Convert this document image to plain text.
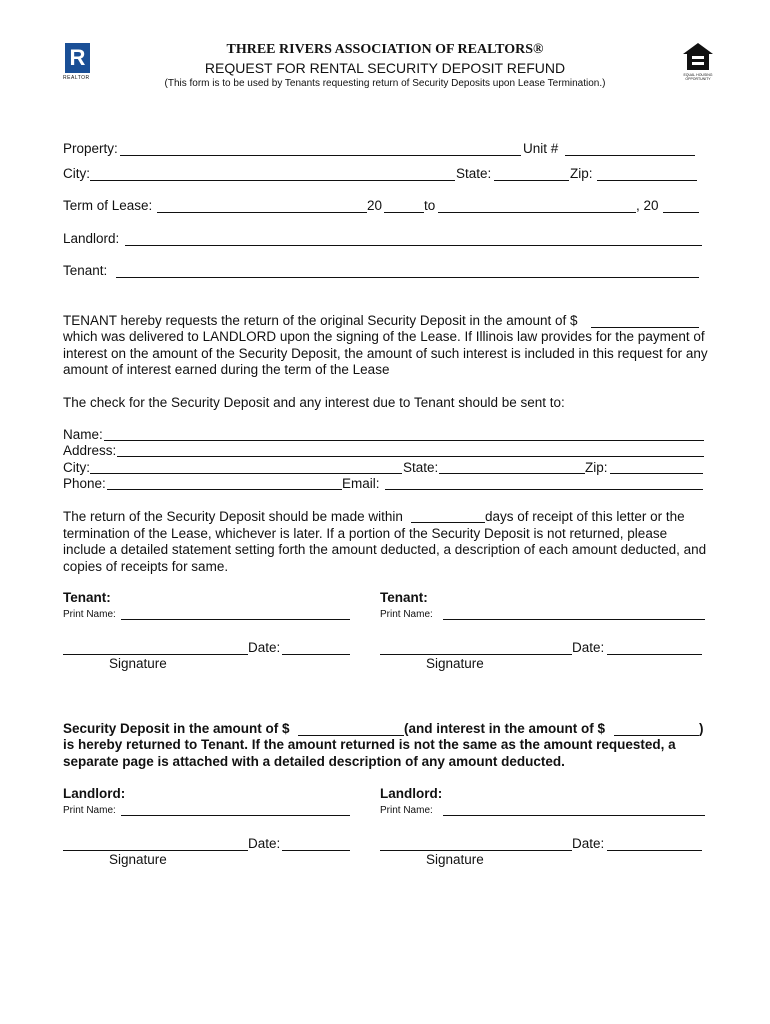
R
REALTOR	EQUAL HOUSING OPPORTUNITY
THREE RIVERS ASSOCIATION OF REALTORS®
REQUEST FOR RENTAL SECURITY DEPOSIT REFUND
(This form is to be used by Tenants requesting return of Security Deposits upon Lease Termination.)
Property:	Unit #
City:	State:	Zip:
Term of Lease:	20	to	, 20
Landlord:
Tenant:
TENANT hereby requests the return of the original Security Deposit in the amount of $
which was delivered to LANDLORD upon the signing of the Lease. If Illinois law provides for the payment of interest on the amount of the Security Deposit, the amount of such interest is included in this request for any amount of interest earned during the term of the Lease
The check for the Security Deposit and any interest due to Tenant should be sent to:
Name:
Address:
City:	State:	Zip:
Phone:	Email:
The return of the Security Deposit should be made within	days of receipt of this letter or the termination of the Lease, whichever is later. If a portion of the Security Deposit is not returned, please include a detailed statement setting forth the amount deducted, a description of each amount deducted, and copies of receipts for same.
Tenant:
Print Name:
Date:
Signature
Tenant:
Print Name:
Date:
Signature
Security Deposit in the amount of $	(and interest in the amount of $	)
is hereby returned to Tenant. If the amount returned is not the same as the amount requested, a separate page is attached with a detailed description of any amount deducted.
Landlord:
Print Name:
Date:
Signature
Landlord:
Print Name:
Date:
Signature
